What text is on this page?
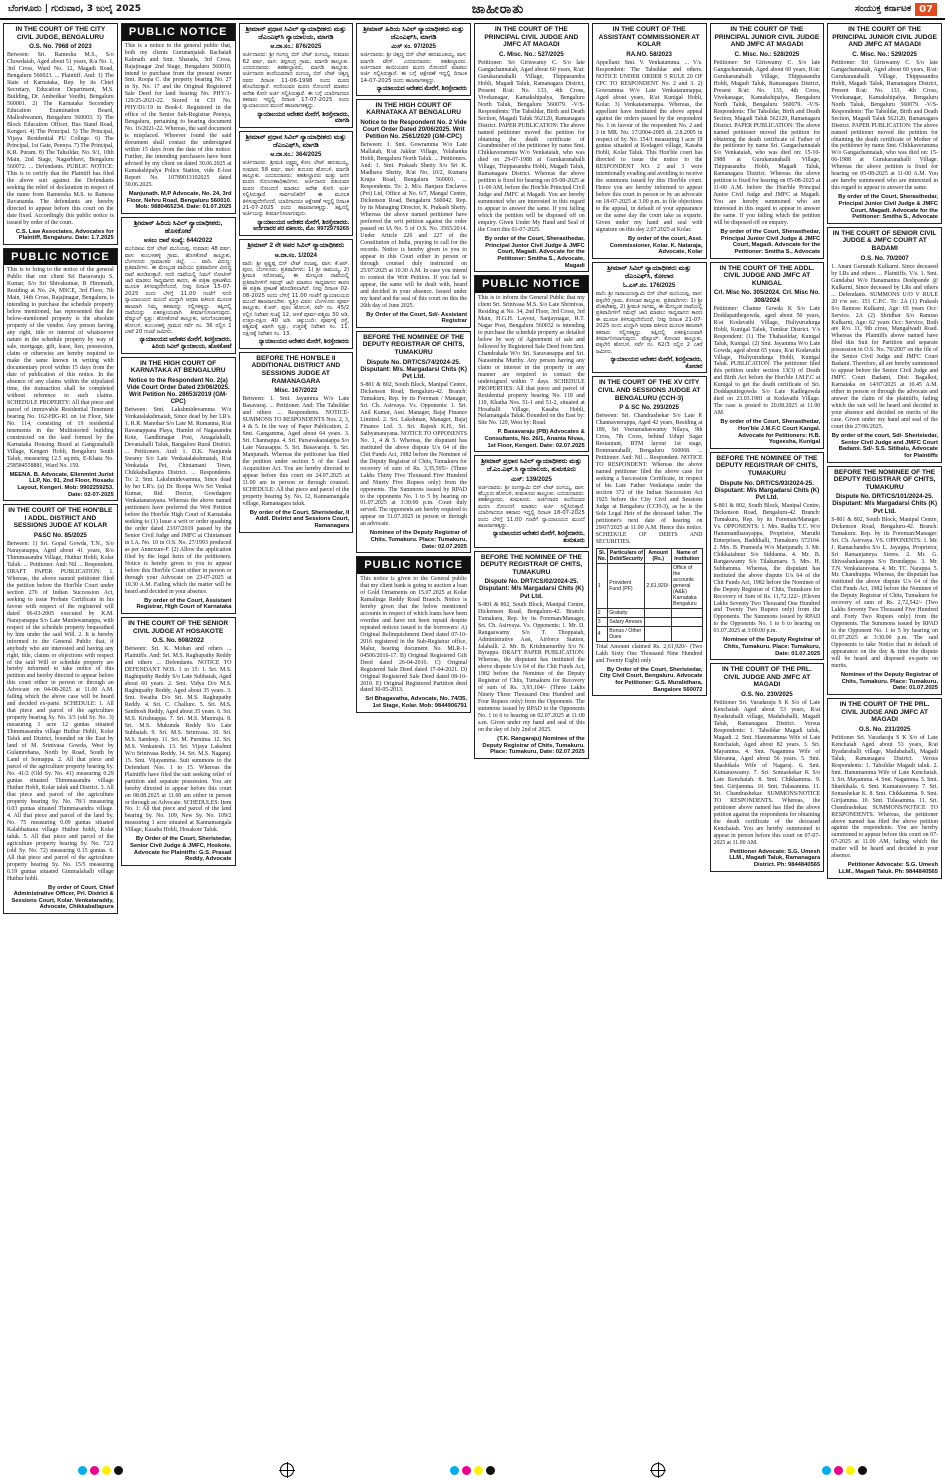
ಬೆಂಗಳೂರು | ಗುರುವಾರ, 3 ಜುಲೈ 2025	ಜಾಹೀರಾತು	ಸಂಯುಕ್ತ ಕರ್ನಾಟಕ 07
IN THE COURT OF THE CITY CIVIL JUDGE, BENGALURU
O.S. No. 7968 of 2023
Between: Sri. Ramesha M.S., S/o Chowdaiah, Aged about 51 years, R/a No. 1, 3rd Cross, Ward No. 12, Magadi Road, Bengaluru 560023. ... Plaintiff. And: 1) The State of Karnataka, Rep. by its Chief Secretary, Education Department, M.S. Building, Dr. Ambedkar Veedhi, Bengaluru 560001. 2) The Karnataka Secondary Education Examination Board, Malleshwaram, Bengaluru 560003. 3) The Block Education Officer, Bus Stand Road, Kengeri. 4) The Principal. 5) The Principal, Vijaya Residential PU College. 6) The Principal, 1st Gate, Peenya. 7) The Principal, K.R. Puram. 8) The Tahsildar, No. 9/1, 10th Main, 2nd Stage, Nagarbhavi, Bengaluru 560072. ... Defendants. PUBLIC NOTICE: This is to certify that the Plaintiff has filed the above suit against the Defendants seeking the relief of declaration in respect of the name from Rameesha M.S. to Ramesa Ravananda. The defendants are hereby directed to appear before this court on the date fixed. Accordingly this public notice is issued by order of the court.
C.S. Law Associates, Advocates for Plaintiff, Bengaluru. Date: 1.7.2025
PUBLIC NOTICE
This is to bring to the notice of the general Public that our client Sri Basavaraju S. Kumar, S/o Sri Shivakumar, B Hiremath, Residing at No. 24, MSCE, 3rd Floor, 7th Main, 14th Cross, Rajajinagar, Bengaluru, is intending to purchase the schedule property below mentioned, has represented that the below-mentioned property is the absolute property of the vendor. Any person having any right, title or interest of whatsoever nature in the schedule property by way of sale, mortgage, gift, lease, lien, possession, claim or otherwise are hereby required to make the same known in writing with documentary proof within 15 days from the date of publication of this notice. In the absence of any claims within the stipulated time, the transaction shall be completed without reference to such claims. SCHEDULE PROPERTY: All that piece and parcel of immovable Residential Tenement bearing No. 162-HIG-R1 on 1st Floor, Site No. 114, consisting of 19 residential tenements in the Multistoried building constructed on the land formed by the Karnataka Housing Board at Gangonahalli Village, Kengeri Hobli, Bengaluru South Taluk, measuring 12.5 sq.mts, E-Khata No. 258584558881, Ward No. 159.
MEENA. B. Advocate, Ellenmint Jurist LLP, No. 91, 2nd Floor, Hosadu Layout, Kengeri. Mob: 9902259253. Date: 02-07-2025
IN THE COURT OF THE HON'BLE I ADDL. DISTRICT AND SESSIONS JUDGE AT KOLAR
P&SC No. 85/2025
Between: 1) Sri. Gopal Gowda, T.N., S/o Narayanappa, Aged about 41 years, R/o Thimmasandra Village, Huthur Hobli, Kolar Taluk. ... Petitioner. And: Nil ... Respondent. DRAFT PAPER PUBLICATION: 1. Whereas, the above named petitioner filed the petition before the Hon'ble Court under section 276 of Indian Succession Act, seeking to issue Probate Certificate in his favour with respect of the registered will dated 06-03-2005 executed by K.M. Narayanappa S/o Late Muniswamappa, with respect of the schedule property bequeathed by him under the said Will. 2. It is hereby informed to the General Public that, if anybody who are interested and having any right, title, claims or objections with respect of the said Will or schedule property are hereby informed to take notice of this petition and hereby directed to appear before this court either in person or through an Advocate on 04-08-2025 at 11.00 A.M. failing which the above case will be heard and decided ex-parte. SCHEDULE: 1. All that piece and parcel of the agriculture property bearing Sy. No. 3/3 (old Sy. No. 3) measuring 1 acre 12 guntas situated Thimmasandra village Huthur Hobli, Kolar Taluk and District, bounded on the East by land of M. Srinivasa Gowda, West by Gulamrehana, North by Road, South by Land of Somappa. 2. All that piece and parcel of the agriculture property bearing Sy. No. 41/2 (Old Sy. No. 41) measuring 0.29 guntas situated Thimmasandra village Huthur Hobli, Kolar taluk and District. 3. All that piece and parcel of the agriculture property bearing Sy. No. 78/1 measuring 0.03 guntas situated Thimmasandra village. 4. All that piece and parcel of the land Sy. No. 75 measuring 0.09 guntas situated Kalabhattana village Huthur hobli, Kolar taluk. 5. All that piece and parcel of the agriculture property bearing Sy. No. 72/2 (old Sy. No. 72) measuring 0.15 guntas. 6. All that piece and parcel of the agriculture property bearing Sy. No. 15/5 measuring 0.19 guntas situated Gimmalahalli village Huthur hobli.
By order of Court, Chief Administrative Officer, Prl. District & Sessions Court, Kolar. Venkataraddy, Advocate, Chikkaballapura
PUBLIC NOTICE
This is a notice to the general public that, both my clients Gurunanjaiah Rachaiah Kalmath and Smt. Sharada, 3rd Cross, Rajajinagar 2nd Stage, Bengaluru 560010, intend to purchase from the present owner Smt. Roopa C. the property bearing No. 27 in Sy. No. 17 and the Original Registered Sale Deed for land bearing No. PHY/1-129/25-2021-22. Stored in CD No. PHY/D1/19 in Book-I. Registered in the office of the Senior Sub-Registrar Peenya, Bengaluru, pertaining to bearing document No. 16/2021-22. Whereas, the said document is misplaced. Whoever found the said document shall contact the undersigned within 15 days from the date of this notice. Further, the intending purchasers have been advised by my client on dated 30.06.2025 at Kamakshipalya Police Station, vide E-lost Report No. 10789013102025 dated 30.06.2025.
Manjunath. M.P Advocate, No. 24, 3rd Floor, Nehru Road, Bengaluru 560010. Mob: 9880465234. Date: 01.07.2025
ಶ್ರೀಮಾನ್ ಹಿರಿಯ ಸಿವಿಲ್ ನ್ಯಾಯಾಧೀಶರು, ಹೊಸಕೋಟೆ
ಅಸಲು ದಾವೆ ಸಂಖ್ಯೆ: 644/2022
ಮುನಿರಾಜು ಬಿನ್ ಲೇಟ್ ಮುನಿಯಪ್ಪ, ಸುಮಾರು 48 ವರ್ಷ, ವಾಸ: ಕುಂಬಳಹಳ್ಳಿ ಗ್ರಾಮ, ಹೊಸಕೋಟೆ ತಾಲ್ಲೂಕು, ಬೆಂಗಳೂರು ಗ್ರಾಮಾಂತರ ಜಿಲ್ಲೆ. ... ವಾದಿ. ವಿರುದ್ಧ: ಪ್ರತಿವಾದಿಗಳು. ಈ ಮೇಲ್ಕಂಡ ವಾದಿಯು ಪ್ರತಿವಾದಿಗಳ ವಿರುದ್ಧ ದಾವೆ ಹೂಡಿರುತ್ತಾರೆ. ಸದರಿ ದಾವೆಯಲ್ಲಿ ನಿಮಗೆ ನೋಟೀಸ್ ಜಾರಿ ಮಾಡಲು ಸಾಧ್ಯವಾಗದ ಕಾರಣ, ಈ ಪತ್ರಿಕಾ ಪ್ರಕಟಣೆಯ ಮೂಲಕ ತಿಳಿಸುವುದೇನೆಂದರೆ, ನೀವು ದಿನಾಂಕ 15-07-2025 ರಂದು ಬೆಳಿಗ್ಗೆ 11.00 ಗಂಟೆಗೆ ಸದರಿ ನ್ಯಾಯಾಲಯದ ಮುಂದೆ ಖುದ್ದಾಗಿ ಅಥವಾ ವಕೀಲರ ಮೂಲಕ ಹಾಜರಾಗಿ ನಿಮ್ಮ ತಕರಾರನ್ನು ಸಲ್ಲಿಸತಕ್ಕದ್ದು. ತಪ್ಪಿದಲ್ಲಿ ದಾವೆಯನ್ನು ಏಕಪಕ್ಷೀಯವಾಗಿ ತೀರ್ಮಾನಿಸಲಾಗುವುದು. ಷೆಡ್ಯೂಲ್ ಸ್ವತ್ತು: ಹೊಸಕೋಟೆ ತಾಲ್ಲೂಕು, ಅನುಗೊಂಡನಹಳ್ಳಿ ಹೋಬಳಿ, ಕುಂಬಳಹಳ್ಳಿ ಗ್ರಾಮದ ಸರ್ವೆ ನಂ. 36 ರಲ್ಲಿನ 1 ಎಕರೆ 20 ಗುಂಟೆ ಜಮೀನು.
ನ್ಯಾಯಾಲಯದ ಆದೇಶದ ಮೇರೆಗೆ, ಶಿರಸ್ತೇದಾರರು, ಹಿರಿಯ ಸಿವಿಲ್ ನ್ಯಾಯಾಲಯ, ಹೊಸಕೋಟೆ
IN THE HIGH COURT OF KARNATAKA AT BENGALURU
Notice to the Respondent No. 2(a) Vide Court Order Dated 23/06/2025. Writ Petition No. 28653/2019 (GM-CPC)
Between: Smt. Lakshmidevamma W/o Venkatalakshmaiah, Since dead by her LR's. 1. R.R. Manohar S/o Late M. Rumanna, R/at Ravanappana Playa, Hamlet of Nagasandra Kote, Gandhinagar Post, Anagalahalli, Devanahalli Taluk, Bangalore Rural District. ... Petitioners. And: 1. D.K. Nanjunda Swamy S/o Late Venkatalakshmaiah, R/at Venkatala Pet, Chintamani Town, Chikkaballapura District. ... Respondents. To: 2. Smt. Lakshmidevamma, Since dead by her LR's. (a) Dr. Roopa W/o Sri Venkat Kumar, Rtd. Doctor, Gowdagere Venkatanarayana. Whereas the above named petitioners have preferred the Writ Petition before the Hon'ble High Court of Karnataka seeking to (1) Issue a writ or order quashing the order dated 23/07/2019 passed by the Senior Civil Judge and JMFC at Chintamani in I.A. No. 10 in O.S. No. 27/1993 produced as per Annexure-F. (2) Allow the application filed by the legal heirs of the petitioners. Notice is hereby given to you to appear before this Hon'ble Court either in person or through your Advocate on 23-07-2025 at 10.30 A.M. Failing which the matter will be heard and decided in your absence.
By order of the Court, Assistant Registrar, High Court of Karnataka
IN THE COURT OF THE SENIOR CIVIL JUDGE AT HOSAKOTE
O.S. No. 608/2022
Between: Sri. K. Mohan and others ... Plaintiffs. And: Sri. M.S. Raghupathy Reddy and others ... Defendants. NOTICE TO DEFENDANT NOS. 1 to 15: 1. Sri. M.S. Raghupathy Reddy S/o Late Subbaiah, Aged about 60 years. 2. Smt. Vidya D/o M.S. Raghupathy Reddy, Aged about 35 years. 3. Smt. Swatha D/o Sri. M.S. Raghupathy Reddy. 4. Sri. C. Challure. 5. Sri. M.S. Santhosh Reddy, Aged about 35 years. 6. Sri. M.S. Krishnappa. 7. Sri. M.S. Muniraju. 8. Sri. M.S. Mukunda Reddy S/o Late Subbaiah. 9. Sri. M.S. Srinivasa. 10. Sri. M.S. Sandeep. 11. Sri. M. Purnima. 12. Sri. M.S. Venkatesh. 13. Sri. Vijaya Lakshmi W/o Srinivasa Reddy. 14. Sri. M.S. Nagaraj. 15. Smt. Vijayamma. Suit summons to the Defendant Nos. 1 to 15. Whereas the Plaintiffs have filed the suit seeking relief of partition and separate possession. You are hereby directed to appear before this court on 08.08.2025 at 11.00 am either in person or through an Advocate. SCHEDULES: Item No. 1: All that piece and parcel of the land bearing Sy. No. 109, New Sy. No. 109/2 measuring 1 acre situated at Kannamangala Village, Kasaba Hobli, Hosakote Taluk.
By Order of the Court, Sheristedar, Senior Civil Judge & JMFC, Hoskote. Advocate for Plaintiffs: G.S. Prasad Reddy, Advocate
ಶ್ರೀಮಾನ್ ಪ್ರಧಾನ ಸಿವಿಲ್ ನ್ಯಾಯಾಧೀಶರು ಮತ್ತು ಜೆಎಂಎಫ್‌ಸಿ ನ್ಯಾಯಾಲಯ, ಮಾಗಡಿ
ಅ.ದಾ.ಸಂ.: 876/2025
ಅರ್ಜಿದಾರರು: ಶ್ರೀ ಗಂಗಣ್ಣ ಬಿನ್ ಲೇಟ್ ರಂಗಯ್ಯ, ಸುಮಾರು 62 ವರ್ಷ, ವಾಸ: ತಿಪ್ಪಸಂದ್ರ ಗ್ರಾಮ, ಮಾಗಡಿ ತಾಲ್ಲೂಕು. ಎದುರುದಾರರು: ತಹಶೀಲ್ದಾರರು, ಮಾಗಡಿ ತಾಲ್ಲೂಕು. ಅರ್ಜಿದಾರರ ತಂದೆಯವರಾದ ರಂಗಯ್ಯ ಬಿನ್ ಲೇಟ್ ಚಿಕ್ಕಣ್ಣ ರವರು ದಿನಾಂಕ 11-06-1998 ರಂದು ಮರಣ ಹೊಂದಿರುತ್ತಾರೆ. ಸದರಿಯವರ ಮರಣ ನೋಂದಣಿ ಮಾಡಲು ಆದೇಶ ಕೋರಿ ಅರ್ಜಿ ಸಲ್ಲಿಸಿರುತ್ತಾರೆ. ಈ ಬಗ್ಗೆ ಯಾರಿಗಾದರೂ ತಕರಾರು ಇದ್ದಲ್ಲಿ ದಿನಾಂಕ 17-07-2025 ರಂದು ನ್ಯಾಯಾಲಯದ ಮುಂದೆ ಹಾಜರಾಗತಕ್ಕದ್ದು.
ನ್ಯಾಯಾಲಯದ ಆದೇಶದ ಮೇರೆಗೆ, ಶಿರಸ್ತೇದಾರರು, ಮಾಗಡಿ
ಶ್ರೀಮಾನ್ ಪ್ರಧಾನ ಸಿವಿಲ್ ನ್ಯಾಯಾಧೀಶರು ಮತ್ತು ಜೆಎಂಎಫ್‌ಸಿ, ಮಾಗಡಿ
ಅ.ದಾ.ಸಂ.: 364/2025
ಅರ್ಜಿದಾರರು: ಶ್ರೀಮತಿ ಲಕ್ಷ್ಮಮ್ಮ ಕೋಂ ಲೇಟ್ ಹನುಮಯ್ಯ, ಸುಮಾರು 58 ವರ್ಷ, ವಾಸ: ಕುದೂರು ಹೋಬಳಿ, ಮಾಗಡಿ ತಾಲ್ಲೂಕು. ಎದುರುದಾರರು: ತಹಶೀಲ್ದಾರರು ಮತ್ತು ಜನನ ಮರಣ ನೋಂದಣಾಧಿಕಾರಿಗಳು. ಅರ್ಜಿದಾರರ ಪತಿಯವರ ಮರಣ ನೋಂದಣಿ ಮಾಡಲು ಆದೇಶ ಕೋರಿ ಅರ್ಜಿ ಸಲ್ಲಿಸಿರುತ್ತಾರೆ. ಸಾರ್ವಜನಿಕರಿಗೆ ಈ ಮೂಲಕ ತಿಳಿಸುವುದೇನೆಂದರೆ, ಯಾರಿಗಾದರೂ ಆಕ್ಷೇಪಣೆ ಇದ್ದಲ್ಲಿ ದಿನಾಂಕ 21-07-2025 ರಂದು ಹಾಜರಾಗತಕ್ಕದ್ದು. ತಪ್ಪಿದಲ್ಲಿ ಅರ್ಜಿಯನ್ನು ತೀರ್ಮಾನಿಸಲಾಗುವುದು.
ನ್ಯಾಯಾಲಯದ ಆದೇಶದ ಮೇರೆಗೆ, ಶಿರಸ್ತೇದಾರರು. ಅರ್ಜಿದಾರರ ಪರ ವಕೀಲರು, ಮೊ: 9972979265
ಶ್ರೀಮಾನ್ 2 ನೇ ಅಪರ ಸಿವಿಲ್ ನ್ಯಾಯಾಧೀಶರು
ಅ.ದಾ.ಸಂ. 1/2024
ವಾದಿ: ಶ್ರೀ ಕೃಷ್ಣಪ್ಪ ಬಿನ್ ಲೇಟ್ ನಂಜಪ್ಪ, ವಾಸ: ಕೆ.ಆರ್. ಪುರಂ, ಬೆಂಗಳೂರು. ಪ್ರತಿವಾದಿಗಳು: 1) ಶ್ರೀ ರಾಮಯ್ಯ, 2) ಶ್ರೀಮತಿ ಸರೋಜಮ್ಮ. ಈ ಮೇಲ್ಕಂಡ ದಾವೆಯಲ್ಲಿ ಪ್ರತಿವಾದಿಗಳಿಗೆ ಸಮನ್ಸ್ ಜಾರಿ ಮಾಡಲು ಸಾಧ್ಯವಾಗದ ಕಾರಣ ಈ ಪತ್ರಿಕಾ ಪ್ರಕಟಣೆ ಹೊರಡಿಸಲಾಗಿದೆ. ನೀವು ದಿನಾಂಕ 02-08-2025 ರಂದು ಬೆಳಿಗ್ಗೆ 11.00 ಗಂಟೆಗೆ ನ್ಯಾಯಾಲಯದ ಮುಂದೆ ಹಾಜರಾಗಬೇಕು. ಸ್ವತ್ತಿನ ವಿವರ: ಬೆಂಗಳೂರು ಪೂರ್ವ ತಾಲ್ಲೂಕು, ಕೆ.ಆರ್. ಪುರಂ ಹೋಬಳಿ, ಸರ್ವೆ ನಂ. 45/2 ರಲ್ಲಿನ ನಿವೇಶನ ಸಂಖ್ಯೆ 12, ಅಳತೆ ಪೂರ್ವ-ಪಶ್ಚಿಮ 30 ಅಡಿ, ಉತ್ತರ-ದಕ್ಷಿಣ 40 ಅಡಿ. ಚಕ್ಕುಬಂದಿ: ಪೂರ್ವಕ್ಕೆ ರಸ್ತೆ, ಪಶ್ಚಿಮಕ್ಕೆ ಖಾಸಗಿ ಸ್ವತ್ತು, ಉತ್ತರಕ್ಕೆ ನಿವೇಶನ ಸಂ. 11, ದಕ್ಷಿಣಕ್ಕೆ ನಿವೇಶನ ಸಂ. 13.
ನ್ಯಾಯಾಲಯದ ಆದೇಶದ ಮೇರೆಗೆ, ಶಿರಸ್ತೇದಾರರು
BEFORE THE HON'BLE II ADDITIONAL DISTRICT AND SESSIONS JUDGE AT RAMANAGARA
Misc. 167/2022
Between: 1. Smt. Jayamma W/o Late Basavaraj. ... Petitioner. And: The Tahsildar and others ... Respondents. NOTICE-SUMMONS TO RESPONDENTS Nos. 2, 3, 4 & 5. In the way of Paper Publication. 2. Smt. Gangamma, Aged about 64 years. 3. Sri. Channappa. 4. Sri. Parsavakaraiappa S/o Late Narasappa. 5. Sri. Basavaraju. 6. Sri. Manjunath. Whereas the petitioner has filed the petition under section 5 of the Land Acquisition Act. You are hereby directed to appear before this court on 24.07.2025 at 11.00 am in person or through counsel. SCHEDULE: All that piece and parcel of the property bearing Sy. No. 12, Kannamangala village, Ramanagara taluk.
By order of the Court, Sheristedar, II Addl. District and Sessions Court, Ramanagara
ಶ್ರೀಮಾನ್ ಹಿರಿಯ ಸಿವಿಲ್ ನ್ಯಾಯಾಧೀಶರು ಮತ್ತು ಜೆಎಂಎಫ್‌ಸಿ, ಮಾಗಡಿ
ಮಿಸ್ ಸಂ. 97/2025
ಅರ್ಜಿದಾರರು: ಶ್ರೀ ಚಿಕ್ಕಣ್ಣ ಬಿನ್ ಲೇಟ್ ಹನುಮಂತಯ್ಯ, ವಾಸ: ಮಾಗಡಿ ಟೌನ್. ಎದುರುದಾರರು: ತಹಶೀಲ್ದಾರರು. ಅರ್ಜಿದಾರರ ತಾಯಿಯವರ ಮರಣ ನೋಂದಣಿ ಮಾಡಲು ಅರ್ಜಿ ಸಲ್ಲಿಸಿರುತ್ತಾರೆ. ಈ ಬಗ್ಗೆ ಆಕ್ಷೇಪಣೆ ಇದ್ದಲ್ಲಿ ದಿನಾಂಕ 14-07-2025 ರಂದು ಹಾಜರಾಗತಕ್ಕದ್ದು.
ನ್ಯಾಯಾಲಯದ ಆದೇಶದ ಮೇರೆಗೆ, ಶಿರಸ್ತೇದಾರರು
IN THE HIGH COURT OF KARNATAKA AT BENGALURU
Notice to the Respondent No. 2 Vide Court Order Dated 20/06/2025. Writ Petition No. 2561/2020 (GM-CPC)
Between: 1. Smt. Gowramma W/o Late Mallaiah, R/at Jakkur Village, Yelahanka Hobli, Bengaluru North Taluk. ... Petitioners. And: 1. Smt. Prakash Shetty S/o Sri K. Madhava Shetty, R/at No. 10/2, Kumara Krupa Road, Bengaluru 560001. ... Respondents. To: 2. M/s. Banjara Enclaves (Pvt) Ltd, Office at No. 6/7, Mangal Centre, Dickenson Road, Bengaluru 560042. Rep. by its Managing Director, K. Prakash Shetty. Whereas the above named petitioner have preferred the writ petition against the order passed on IA No. 5 of O.S. No. 3565/2014. Under Article 226 and 227 of the Constitution of India, praying to call for the records. Notice is hereby given to you to appear in this Court either in person or through counsel duly instructed on 25/07/2025 at 10.30 A.M. In case you intend to contest the Writ Petition. If you fail to appear, the same will be dealt with, heard and decided in your absence. Issued under my hand and the seal of this court on this the 26th day of June 2025.
By Order of the Court, Sd/- Assistant Registrar
BEFORE THE NOMINEE OF THE DEPUTY REGISTRAR OF CHITS, TUMAKURU
Dispute No. DRT/CS/74/2024-25. Disputant: M/s. Margadarsi Chits (K) Pvt Ltd.
S-801 & 802, South Block, Manipal Centre, Dickenson Road, Bengaluru-42. Branch: Tumakuru, Rep. by its Foreman / Manager, Sri. Ch. Asirvaya. Vs. Opponents: 1. Sri. Anil Kumar, Asst. Manager, Bajaj Finance Limited. 2. Sri. Lakshman, Manager, Bajaj Finance Ltd. 3. Sri. Rajesh K.H., Sri. Sathyanarayana. NOTICE TO OPPONENTS No. 1, 4 & 5. Whereas, the disputant has instituted the above dispute U/s 64 of the Chit Funds Act, 1982 before the Nominee of the Deputy Registrar of Chits, Tumakuru for recovery of sum of Rs. 3,35,595/- (Three Lakhs Thirty Five Thousand Five Hundred and Ninety Five Rupees only) from the opponents. The Summons issued by RPAD to the opponents No. 1 to 5 by hearing on 01.07.2025 at 3:30:00 p.m. Court duly served. The opponents are hereby required to appear on 31.07.2025 in person or through an advocate.
Nominee of the Deputy Registrar of Chits, Tumakuru. Place: Tumakuru, Date: 02.07.2025
PUBLIC NOTICE
This notice is given to the General public that my client bank is going to auction a loan of Gold Ornaments on 15.07.2025 at Kolar Ramalinga Reddy Road Branch. Notice is hereby given that the below mentioned accounts in respect of which loans have been overdue and have not been repaid despite repeated notices issued to the borrowers: A) Original Relinquishment Deed dated 07-10-2016 registered in the Sub-Registrar office, Malur, bearing document No. MLR-1-04506/2016-17. B) Original Registered Gift Deed dated 26-04-2016. C) Original Registered Sale Deed dated 17-04-2021. D) Original Registered Sale Deed dated 08-10-2010. E) Original Registered Partition deed dated 30-05-2013.
Sri Bhagavatha, Advocate, No. 74/35, 1st Stage, Kolar. Mob: 9844906791
IN THE COURT OF THE PRINCIPAL CIVIL JUDGE AND JMFC AT MAGADI
C. Misc. No.: 527/2025
Petitioner: Sri Giriswamy C. S/o late Gangachannaiah, Aged about 60 years, R/at: Gurukaranahalli Village, Thippasandra Hobli, Magadi Taluk, Ramanagara District, Present R/at: No. 133, 4th Cross, Vivekanagar, Kamakshipalya, Bengaluru North Taluk, Bengaluru 560079. -V/S- Respondents: The Tahsildar, Birth and Death Section, Magadi Taluk 562120, Ramanagara District. PAPER PUBLICATION: The above named petitioner moved the petition for obtaining the death certificate of Grandmother of the petitioner by name Smt. Chikkaveramma W/o Venkataiah, who was died on 29-07-1988 at Gurukaranahalli Village, Thippasandra Hobli, Magadi Taluk, Ramanagara District. Whereas the above petition is fixed for hearing on 05-08-2025 at 11-00 AM, before the Hon'ble Principal Civil Judge and JMFC at Magadi. You are hereby summoned who are interested in this regard to appear to answer the same. If you failing which the petition will be disposed off on enquiry. Given Under My Hand and Seal of the Court this 01-07-2025.
By order of the Court, Sherasthedar, Principal Junior Civil Judge & JMFC Court, Magadi. Advocate for the Petitioner: Smitha S., Advocate, Magadi
PUBLIC NOTICE
This is to inform the General Public that my client Sri. Srinivasa M.S. S/o Late Shrinivas, Residing at No. 34, 2nd Floor, 3rd Cross, 3rd Main, H.G.H. Layout, Sanjaynagar, R.T. Nagar Post, Bengaluru 560032 is intending to purchase the schedule property as detailed below by way of Agreement of sale and followed by Registered Sale Deed from Smt. Chandrakala W/o Sri. Saravanappa and Sri. Narasimha Murthy. Any person having any claim or interest in the property in any manner are required to contact the undersigned within 7 days. SCHEDULE PROPERTIES: All that piece and parcel of Residential property bearing No. 118 and 119, Khatha Nos. 51-1 and 51-2, situated at Hosahalli Village, Kasaba Hobli, Nelamangala Taluk. Bounded on the East by: Site No. 120, West by: Road.
P. Basavaraju (PB) Advocates & Consultants, No. 26/1, Ananta Nivas, 1st Floor, Kengeri. Date: 02.07.2025
ಶ್ರೀಮಾನ್ ಪ್ರಧಾನ ಸಿವಿಲ್ ನ್ಯಾಯಾಧೀಶರು ಮತ್ತು ಜೆ.ಎಂ.ಎಫ್.ಸಿ ನ್ಯಾಯಾಲಯ, ತುಮಕೂರು
ಮಿಸ್: 139/2025
ಅರ್ಜಿದಾರರು: ಶ್ರೀ ರಂಗಸ್ವಾಮಿ ಬಿನ್ ಲೇಟ್ ರಂಗಯ್ಯ, ವಾಸ: ಹೆಬ್ಬೂರು ಹೋಬಳಿ, ತುಮಕೂರು ತಾಲ್ಲೂಕು. ಎದುರುದಾರರು: ತಹಶೀಲ್ದಾರರು, ತುಮಕೂರು. ಅರ್ಜಿದಾರರ ತಂದೆಯವರ ಮರಣ ನೋಂದಣಿ ಮಾಡಲು ಅರ್ಜಿ ಸಲ್ಲಿಸಿರುತ್ತಾರೆ. ಯಾರಿಗಾದರೂ ತಕರಾರು ಇದ್ದಲ್ಲಿ ದಿನಾಂಕ 18-07-2025 ರಂದು ಬೆಳಿಗ್ಗೆ 11.00 ಗಂಟೆಗೆ ನ್ಯಾಯಾಲಯದ ಮುಂದೆ ಹಾಜರಾಗತಕ್ಕದ್ದು.
ನ್ಯಾಯಾಲಯದ ಆದೇಶದ ಮೇರೆಗೆ, ಶಿರಸ್ತೇದಾರರು, ತುಮಕೂರು
BEFORE THE NOMINEE OF THE DEPUTY REGISTRAR OF CHITS, TUMAKURU
Dispute No. DRT/CS/02/2024-25. Disputant: M/s Margadarsi Chits (K) Pvt Ltd.
S-801 & 802, South Block, Manipal Centre, Dickenson Road, Bengaluru-42. Branch: Tumakuru, Rep. by its Foreman/Manager, Sri. Ch. Asirvaya. Vs. Opponents: 1. Mr. D. Rangaswamy S/o T. Thoppaiah, Administrative Asst, Airforce Station, Jalahalli. 2. Mr. B. Krishnamurthy S/o N. Byrappa. DRAFT PAPER PUBLICATION: Whereas, the disputant has instituted the above dispute U/s 64 of the Chit Funds Act, 1982 before the Nominee of the Deputy Registrar of Chits, Tumakuru for Recovery of sum of Rs. 3,93,104/- (Three Lakhs Ninety Three Thousand One Hundred and Four Rupees only) from the Opponents. The summons issued by RPAD to the Opponents No. 1 to 6 to hearing on 02.07.2025 at 11:00 a.m. Given under my hand and seal of this on the day of July 2nd of 2025.
(T.K. Rangaraju) Nominee of the Deputy Registrar of Chits, Tumakuru. Place: Tumakuru, Date: 02.07.2025
IN THE COURT OF THE ASSISTANT COMMISSIONER AT KOLAR
RA.NO. 58/2023
Appellant: Smt. V. Venkatamma. ... V/s. Respondent: The Tahsildar and others. NOTICE UNDER ORDER 5 RULE 20 OF CPC TO RESPONDENT No. 2 and 3. 2) Gowramma W/o Late Venkataramappa, Aged about years, R/at Kunigal Hobli, Kolar. 3) Venkataramappa. Whereas, the appellant have instituted the above appeal against the orders passed by the respondent No. 1 in favour of the respondent No. 2 and 3 in MR. No. 17/2004-2005 dt. 2.8.2005 in respect of Sy. No. 154/1 measuring 1 acre 18 guntas situated at Kodageri village, Kasaba Hobli, Kolar Taluk. This Hon'ble court has directed to issue the notice to the RESPONDENT NO. 2 and 3 were intentionally evading and avoiding to receive the summons issued by this Hon'ble court. Hence you are hereby informed to appear before this court in person or by an advocate on 18-07-2025 at 3.00 p.m. to file objections to the appeal, in default of your appearance on the same day the court take as exparte. Given under my hand and seal with signature on this day 2.07.2025 at Kolar.
By order of the court, Asst. Commissioner, Kolar. K. Nataraja, Advocate, Kolar
ಶ್ರೀಮಾನ್ ಸಿವಿಲ್ ನ್ಯಾಯಾಧೀಶರು ಮತ್ತು ಜೆಎಂಎಫ್‌ಸಿ, ಕೋಲಾರ
ಓ.ಎಸ್.ನಂ. 176/2025
ವಾದಿ: ಶ್ರೀ ನಾರಾಯಣಸ್ವಾಮಿ ಬಿನ್ ಲೇಟ್ ಮುನಿಯಪ್ಪ, ವಾಸ: ವಕ್ಕಲೇರಿ ಗ್ರಾಮ, ಕೋಲಾರ ತಾಲ್ಲೂಕು. ಪ್ರತಿವಾದಿಗಳು: 1) ಶ್ರೀ ವೆಂಕಟೇಶಪ್ಪ, 2) ಶ್ರೀಮತಿ ನಾಗಮ್ಮ. ಈ ಮೇಲ್ಕಂಡ ದಾವೆಯಲ್ಲಿ ಪ್ರತಿವಾದಿಗಳಿಗೆ ಸಮನ್ಸ್ ಜಾರಿ ಮಾಡಲು ಸಾಧ್ಯವಾಗದ ಕಾರಣ ಈ ಮೂಲಕ ತಿಳಿಸುವುದೇನೆಂದರೆ, ನೀವು ದಿನಾಂಕ 21-07-2025 ರಂದು ಖುದ್ದಾಗಿ ಅಥವಾ ವಕೀಲರ ಮೂಲಕ ಹಾಜರಾಗಿ ತಕರಾರು ಸಲ್ಲಿಸತಕ್ಕದ್ದು. ತಪ್ಪಿದಲ್ಲಿ ಏಕಪಕ್ಷೀಯವಾಗಿ ತೀರ್ಮಾನಿಸಲಾಗುವುದು. ಷೆಡ್ಯೂಲ್: ಕೋಲಾರ ತಾಲ್ಲೂಕು, ವಕ್ಕಲೇರಿ ಹೋಬಳಿ, ಸರ್ವೆ ನಂ. 62/3 ರಲ್ಲಿನ 2 ಎಕರೆ ಜಮೀನು.
ನ್ಯಾಯಾಲಯದ ಆದೇಶದ ಮೇರೆಗೆ, ಶಿರಸ್ತೇದಾರರು, ಕೋಲಾರ
IN THE COURT OF THE XV CITY CIVIL AND SESSIONS JUDGE AT BENGALURU (CCH-3)
P & SC No. 293/2025
Between: Sri. Chandrashekar S/o Late P. Channaveerappa, Aged 42 years, Residing at 189, Sri Veeramahaswamy Nilaya, 9th Cross, 7th Cross, behind Udupi Sagar Restaurant, BTM layout 1st stage, Bommanahalli, Bengaluru 560068. ... Petitioner. And: Nil ... Respondent. NOTICE TO RESPONDENT: Whereas the above named petitioner filed the above case for seeking a Succession Certificate, in respect of his Late Father Venkatapa under the section 372 of the Indian Succession Act 1925 before the City Civil and Sessions Judge at Bengaluru (CCH-3), as he is the Sole Legal Heir of the deceased father. The petitioner's next date of hearing on 29/07/2025 at 11.00 A.M. Hence this notice. SCHEDULE OF DEBTS AND SECURITIES.
Sl. No.	Particulars of Debt/Security	Amount (Rs.)	Name of Institution
1	Provident Fund (PF)	2,61,920/-	Office of the accounts general (A&E) Karnataka Bengaluru
2	Gratuity		
3	Salary Arrears		
4	Bonus / Other Dues		
Total Amount claimed Rs. 2,61,920/- (Two Lakh Sixty One Thousand Nine Hundred and Twenty Eight) only
By Order of the Court, Sheristedar, City Civil Court, Bengaluru. Advocate for Petitioner: G.S. Muralidhara, Bangalore 560072
IN THE COURT OF THE PRINCIPAL JUNIOR CIVIL JUDGE AND JMFC AT MAGADI
C. Misc. No.: 528/2025
Petitioner: Sri Giriswamy C. S/o late Gangachannaiah, Aged about 60 years, R/at: Gurukaranahalli Village, Thippasandra Hobli, Magadi Taluk, Ramanagara District, Present R/at: No. 133, 4th Cross, Vivekanagar, Kamakshipalya, Bengaluru North Taluk, Bengaluru 560079. -V/S- Respondents: The Tahsildar, Birth and Death Section, Magadi Taluk 562120, Ramanagara District. PAPER PUBLICATION: The above named petitioner moved the petition for obtaining the death certificate of Father of the petitioner by name Sri. Gangachannaiah S/o Venkataiah, who was died on: 15-10-1988 at Gurukaranahalli Village, Thippasandra Hobli, Magadi Taluk, Ramanagara District. Whereas the above petition is fixed for hearing on 05-08-2025 at 11-00 A.M. before the Hon'ble Principal Junior Civil Judge and JMFC at Magadi. You are hereby summoned who are interested in this regard to appear to answer the same. If you failing which the petition will be disposed off on enquiry.
By order of the Court, Sherasthedar, Principal Junior Civil Judge & JMFC Court, Magadi. Advocate for the Petitioner: Smitha S., Advocate
IN THE COURT OF THE ADDL. CIVIL JUDGE AND JMFC AT KUNIGAL
Crl. Misc No. 305/2024. Crl. Misc No. 308/2024
Petitioner: Channe Gowda K S/o Late Doddapaithegowda, aged about 50 years, R/at Kodavathi Village, Huliyurudurga Hobli, Kunigal Taluk, Tumkur District. V/s Respondent: (1) The Thahasildar, Kunigal Taluk, Kunigal. (2) Smt. Jayamma W/o Late Gowda, aged about 65 years, R/at Kodavathi Village, Huliyurudurga Hobli, Kunigal Taluk. PUBLICATION: The petitioner filed this petition under section 13(3) of Death and Birth Act before the Hon'ble J.M.F.C at Kunigal to get the death certificate of Sri. Doddaputtegowda S/o Late Kadlegowda died on 23.03.1981 at Kodavathi Village. The case is posted to 20.08.2025 at 11.00 AM.
By order of the Court, Sherasthedar, Hon'ble J.M.F.C Court Kangal. Advocate for Petitioners: H.B. Yogeesha, Kunigal
BEFORE THE NOMINEE OF THE DEPUTY REGISTRAR OF CHITS, TUMAKURU
Dispute No. DRT/CS/93/2024-25. Disputant: M/s Margadarsi Chits (K) Pvt Ltd.
S-801 & 802, South Block, Manipal Centre, Dickenson Road, Bengaluru-42. Branch: Tumakuru, Rep. by its Foreman/Manager. Vs. OPPONENTS: 1. Mrs. Radha T.C. W/o Hanumantharayappa, Proprietor, Maruthi Enterprises, Baddihalli, Tumakuru 572104. 2. Mrs. B. Prameela W/o Manjunath. 3. Mr. Chikkaiahnur S/o Siddanna. 4. Mr. B. Rangaswamy S/o Tilakumaru. 5. Mrs. H. Subbamma. Whereas, the disputant has instituted the above dispute U/s 64 of the Chit Funds Act, 1982 before the Nominee of the Deputy Registrar of Chits, Tumakuru for Recovery of Sum of Rs. 11,72,122/- (Eleven Lakhs Seventy Two Thousand One Hundred and Twenty Two Rupees only) from the Opponents. The Summons issued by RPAD to the Opponents No. 1 to 6 to hearing on 01.07.2025 at 3:00.00 p.m.
Nominee of the Deputy Registrar of Chits, Tumakuru. Place: Tumakuru, Date: 01.07.2025
IN THE COURT OF THE PRL. CIVIL JUDGE AND JMFC AT MAGADI
O.S. No. 230/2025
Petitioner Sri. Varadaraju S K S/o of Late Kenchaiah Aged about 53 years, R/at Byadarahalli village, Madabahalli, Magadi Taluk, Ramanagara District. Versus Respondents: 1. Tahsildar Magadi taluk, Magadi. 2. Smt. Hanumamma Wife of Late Kenchaiah, Aged about 82 years. 3. Sri. Mayamma. 4. Smt. Nagamma Wife of Shivanna, Aged about 56 years. 5. Smt. Shashikala Wife of Nagaraj. 6. Smt. Kumaraswamy. 7. Sri. Somashekar K S/o Late Kenchaiah. 8. Smt. Chikkamma. 9. Smt. Girijamma. 10. Smt. Tulasamma. 11. Sri. Chandrashekar. SUMMONS/NOTICE TO RESPONDENTS. Whereas, the petitioner above named has filed the above petition against the respondents for obtaining the death certificate of the deceased Kenchaiah. You are hereby summoned to appear in person before this court on 07-07-2025 at 11.00 AM.
Petitioner Advocate: S.G. Umesh LLM., Magadi Taluk, Ramanagara District. Ph: 9844840565
IN THE COURT OF THE PRINCIPAL JUNIOR CIVIL JUDGE AND JMFC AT MAGADI
C. Misc. No.: 529/2025
Petitioner: Sri Giriswamy C. S/o late Gangachannaiah, Aged about 60 years, R/at: Gurukaranahalli Village, Thippasandra Hobli, Magadi Taluk, Ramanagara District, Present R/at: No. 133, 4th Cross, Vivekanagar, Kamakshipalya, Bengaluru North Taluk, Bengaluru 560079. -V/S- Respondents: The Tahsildar, Birth and Death Section, Magadi Taluk 562120, Ramanagara District. PAPER PUBLICATION: The above named petitioner moved the petition for obtaining the death certificate of Mother of the petitioner by name Smt. Chikkaveramma W/o Gangachannaiah, who was died on: 15-06-1988 at Gurukaranahalli Village. Whereas the above petition is fixed for hearing on 05-08-2025 at 11-00 A.M. You are hereby summoned who are interested in this regard to appear to answer the same.
By order of the Court, Sherasthedar, Principal Junior Civil Judge & JMFC Court, Magadi. Advocate for the Petitioner: Smitha S., Advocate
IN THE COURT OF SENIOR CIVIL JUDGE & JMFC COURT AT BADAMI
O.S. No. 70/2007
1. Anant Gurunath Kulkarni. Since deceased by LRs and others ... Plaintiffs. V/s. 1. Smt. Gundabai W/o Hanamantra Deshpande @ Kulkarni, Since deceased by LRs and others ... Defendants. SUMMONS U/O V RULE 20 r/w sec. 151 C.P.C. To: 2A (1) Prakash S/o Ramrao Kulkarni, Age: 65 years Occ: Service. 2A (2) Shridhar S/o Ramrao Kulkarni, Age: 62 years Occ: Service, Both are R/o. 11, 9th cross, Mangalwadi Road. Whereas the Plaintiffs above named have filed this Suit for Partition and separate possession in O.S. No. 70/2007 on the file of the Senior Civil Judge and JMFC Court Badami. Therefore, all are hereby summoned to appear before the Senior Civil Judge and JMFC Court Badami, Dist: Bagalkot, Karnataka on 14/07/2025 at 10.45 A.M. either in person or through the advocate and answer the claim of the plaintiffs, failing which the suit will be heard and decided in your absence and decided on merits of the case. Given under my hand and seal of the court this 27/06/2025.
By order of the court, Sd/- Sheristedar, Senior Civil Judge and JMFC Court Badami. Sd/- S.S. Sitibalu, Advocate for Plaintiffs
BEFORE THE NOMINEE OF THE DEPUTY REGISTRAR OF CHITS, TUMAKURU
Dispute No. DRT/CS/101/2024-25. Disputant: M/s Margadarsi Chits (K) Pvt Ltd.
S-801 & 802, South Block, Manipal Centre, Dickenson Road, Bengaluru-42. Branch: Tumakuru. Rep. by its Foreman/Manager: Sri. Ch. Asirvaya. VS. OPPONENTS: 1. Mr. J. Ramachandra S/o L. Jayappa, Proprietor, Sri Ramanjaneya Stores. 2. Mr. G. Shivashankarappa S/o Brundappa. 3. Mr. T.N. Venkataravana. 4. Mr. TC. Narappa. 5. Mr. Chandrappa. Whereas, the disputant has instituted the above dispute U/s 64 of the Chit Funds Act, 1982 before the Nominee of the Deputy Registrar of Chits, Tumakuru for recovery of sum of Rs. 2,72,542/- (Two Lakhs Seventy Two Thousand Five Hundred and Forty Two Rupees only) from the Opponents. The Summons issued by RPAD to the Opponent No. 1 to 5 by hearing on 01.07.2025 at 3:30.00 p.m. The said Opponents to take Notice that in default of appearance on the day & time the dispute will be heard and disposed ex-parte on merits.
Nominee of the Deputy Registrar of Chits, Tumakuru. Place: Tumakuru, Date: 01.07.2025
IN THE COURT OF THE PRL. CIVIL JUDGE AND JMFC AT MAGADI
O.S. No. 231/2025
Petitioner Sri. Varadaraju S K S/o of Late Kenchaiah Aged about 53 years, R/at Byadarahalli village, Madabahalli, Magadi Taluk, Ramanagara District. Versus Respondents: 1. Tahsildar Magadi taluk. 2. Smt. Hanumamma Wife of Late Kenchaiah. 3. Sri. Mayamma. 4. Smt. Nagamma. 5. Smt. Shashikala. 6. Smt. Kumaraswamy. 7. Sri. Somashekar K. 8. Smt. Chikkamma. 9. Smt. Girijamma. 10. Smt. Tulasamma. 11. Sri. Chandrashekar. SUMMONS/NOTICE TO RESPONDENTS. Whereas, the petitioner above named has filed the above petition against the respondents. You are hereby summoned to appear before this court on 07-07-2025 at 11.00 AM, failing which the matter will be heard and decided in your absence.
Petitioner Advocate: S.G. Umesh LLM., Magadi Taluk. Ph: 9844840565
